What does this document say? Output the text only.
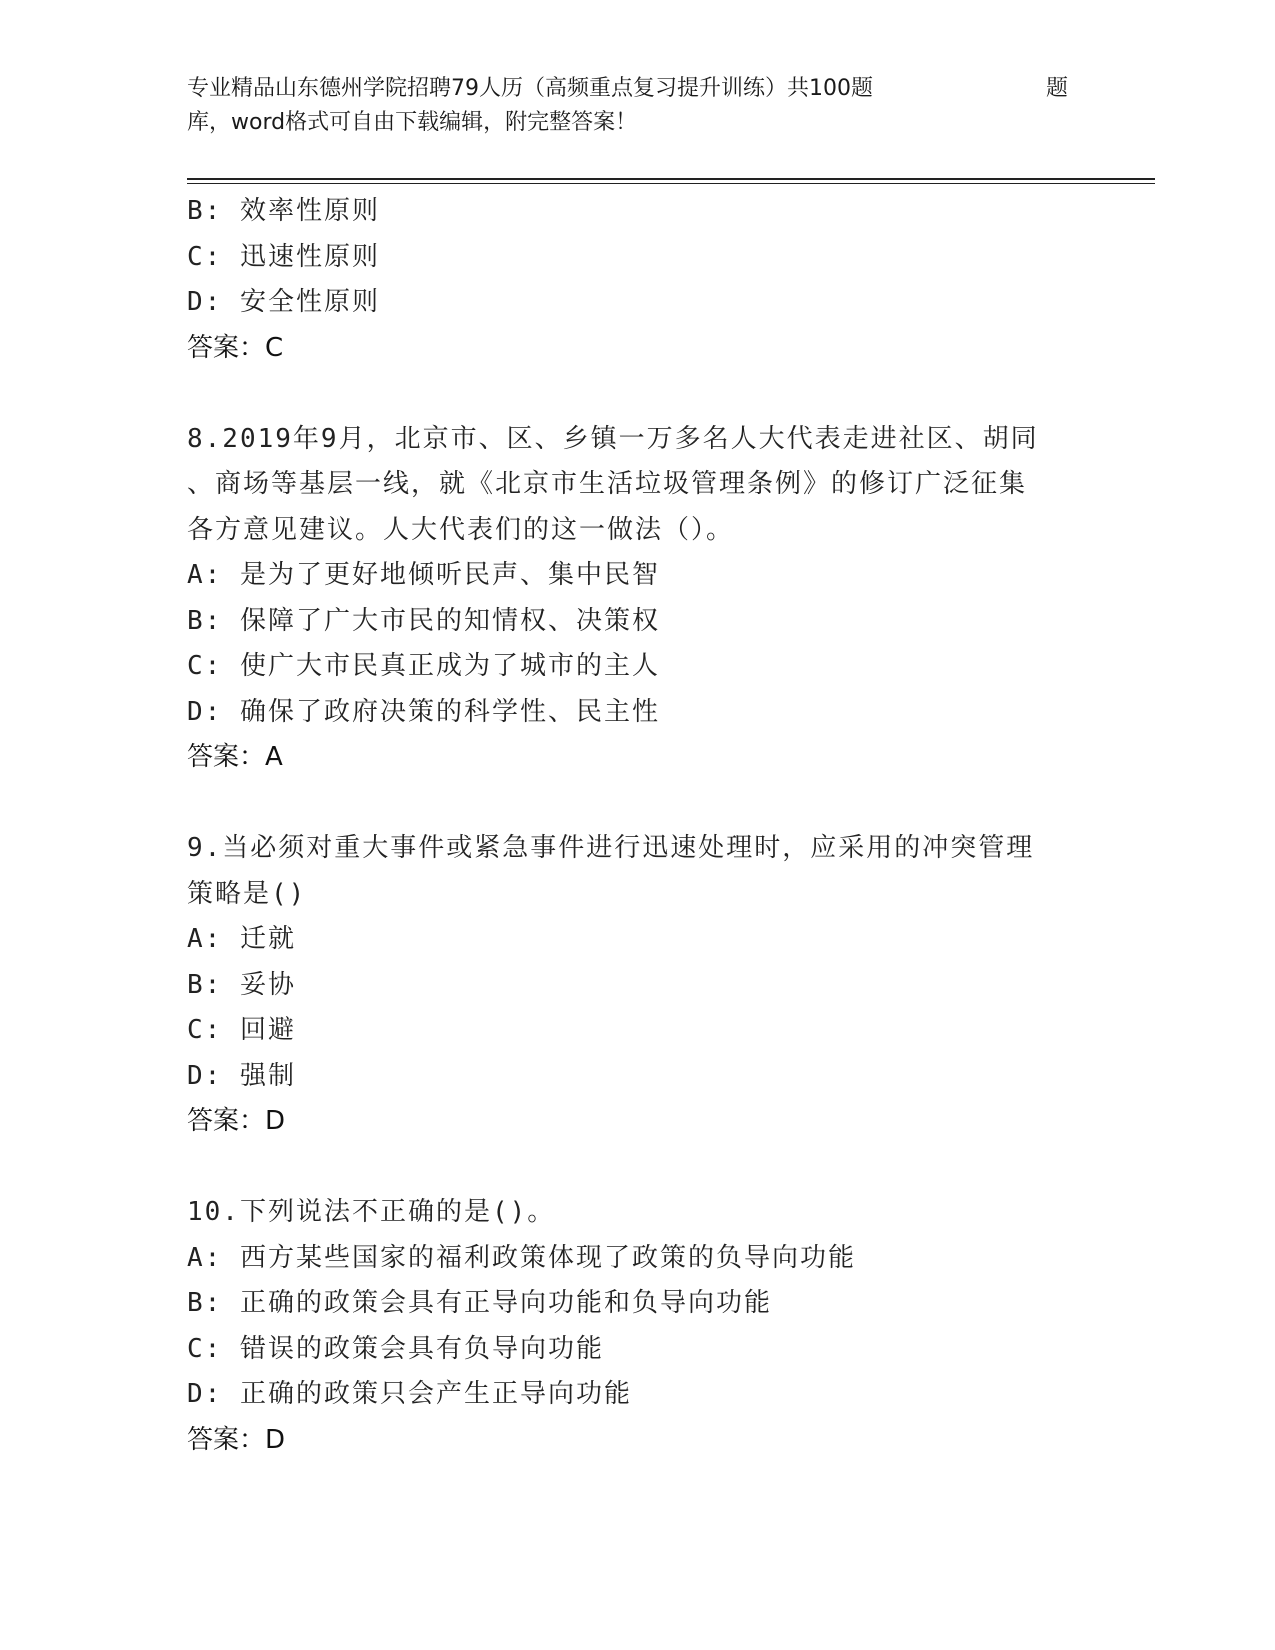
专业精品山东德州学院招聘79人历（高频重点复习提升训练）共100题
库，word格式可自由下载编辑，附完整答案！
题
B: 效率性原则
C: 迅速性原则
D: 安全性原则
答案：C
8.2019年9月，北京市、区、乡镇一万多名人大代表走进社区、胡同
、商场等基层一线，就《北京市生活垃圾管理条例》的修订广泛征集
各方意见建议。人大代表们的这一做法（）。
A: 是为了更好地倾听民声、集中民智
B: 保障了广大市民的知情权、决策权
C: 使广大市民真正成为了城市的主人
D: 确保了政府决策的科学性、民主性
答案：A
9.当必须对重大事件或紧急事件进行迅速处理时，应采用的冲突管理
策略是()
A: 迁就
B: 妥协
C: 回避
D: 强制
答案：D
10.下列说法不正确的是()。
A: 西方某些国家的福利政策体现了政策的负导向功能
B: 正确的政策会具有正导向功能和负导向功能
C: 错误的政策会具有负导向功能
D: 正确的政策只会产生正导向功能
答案：D
